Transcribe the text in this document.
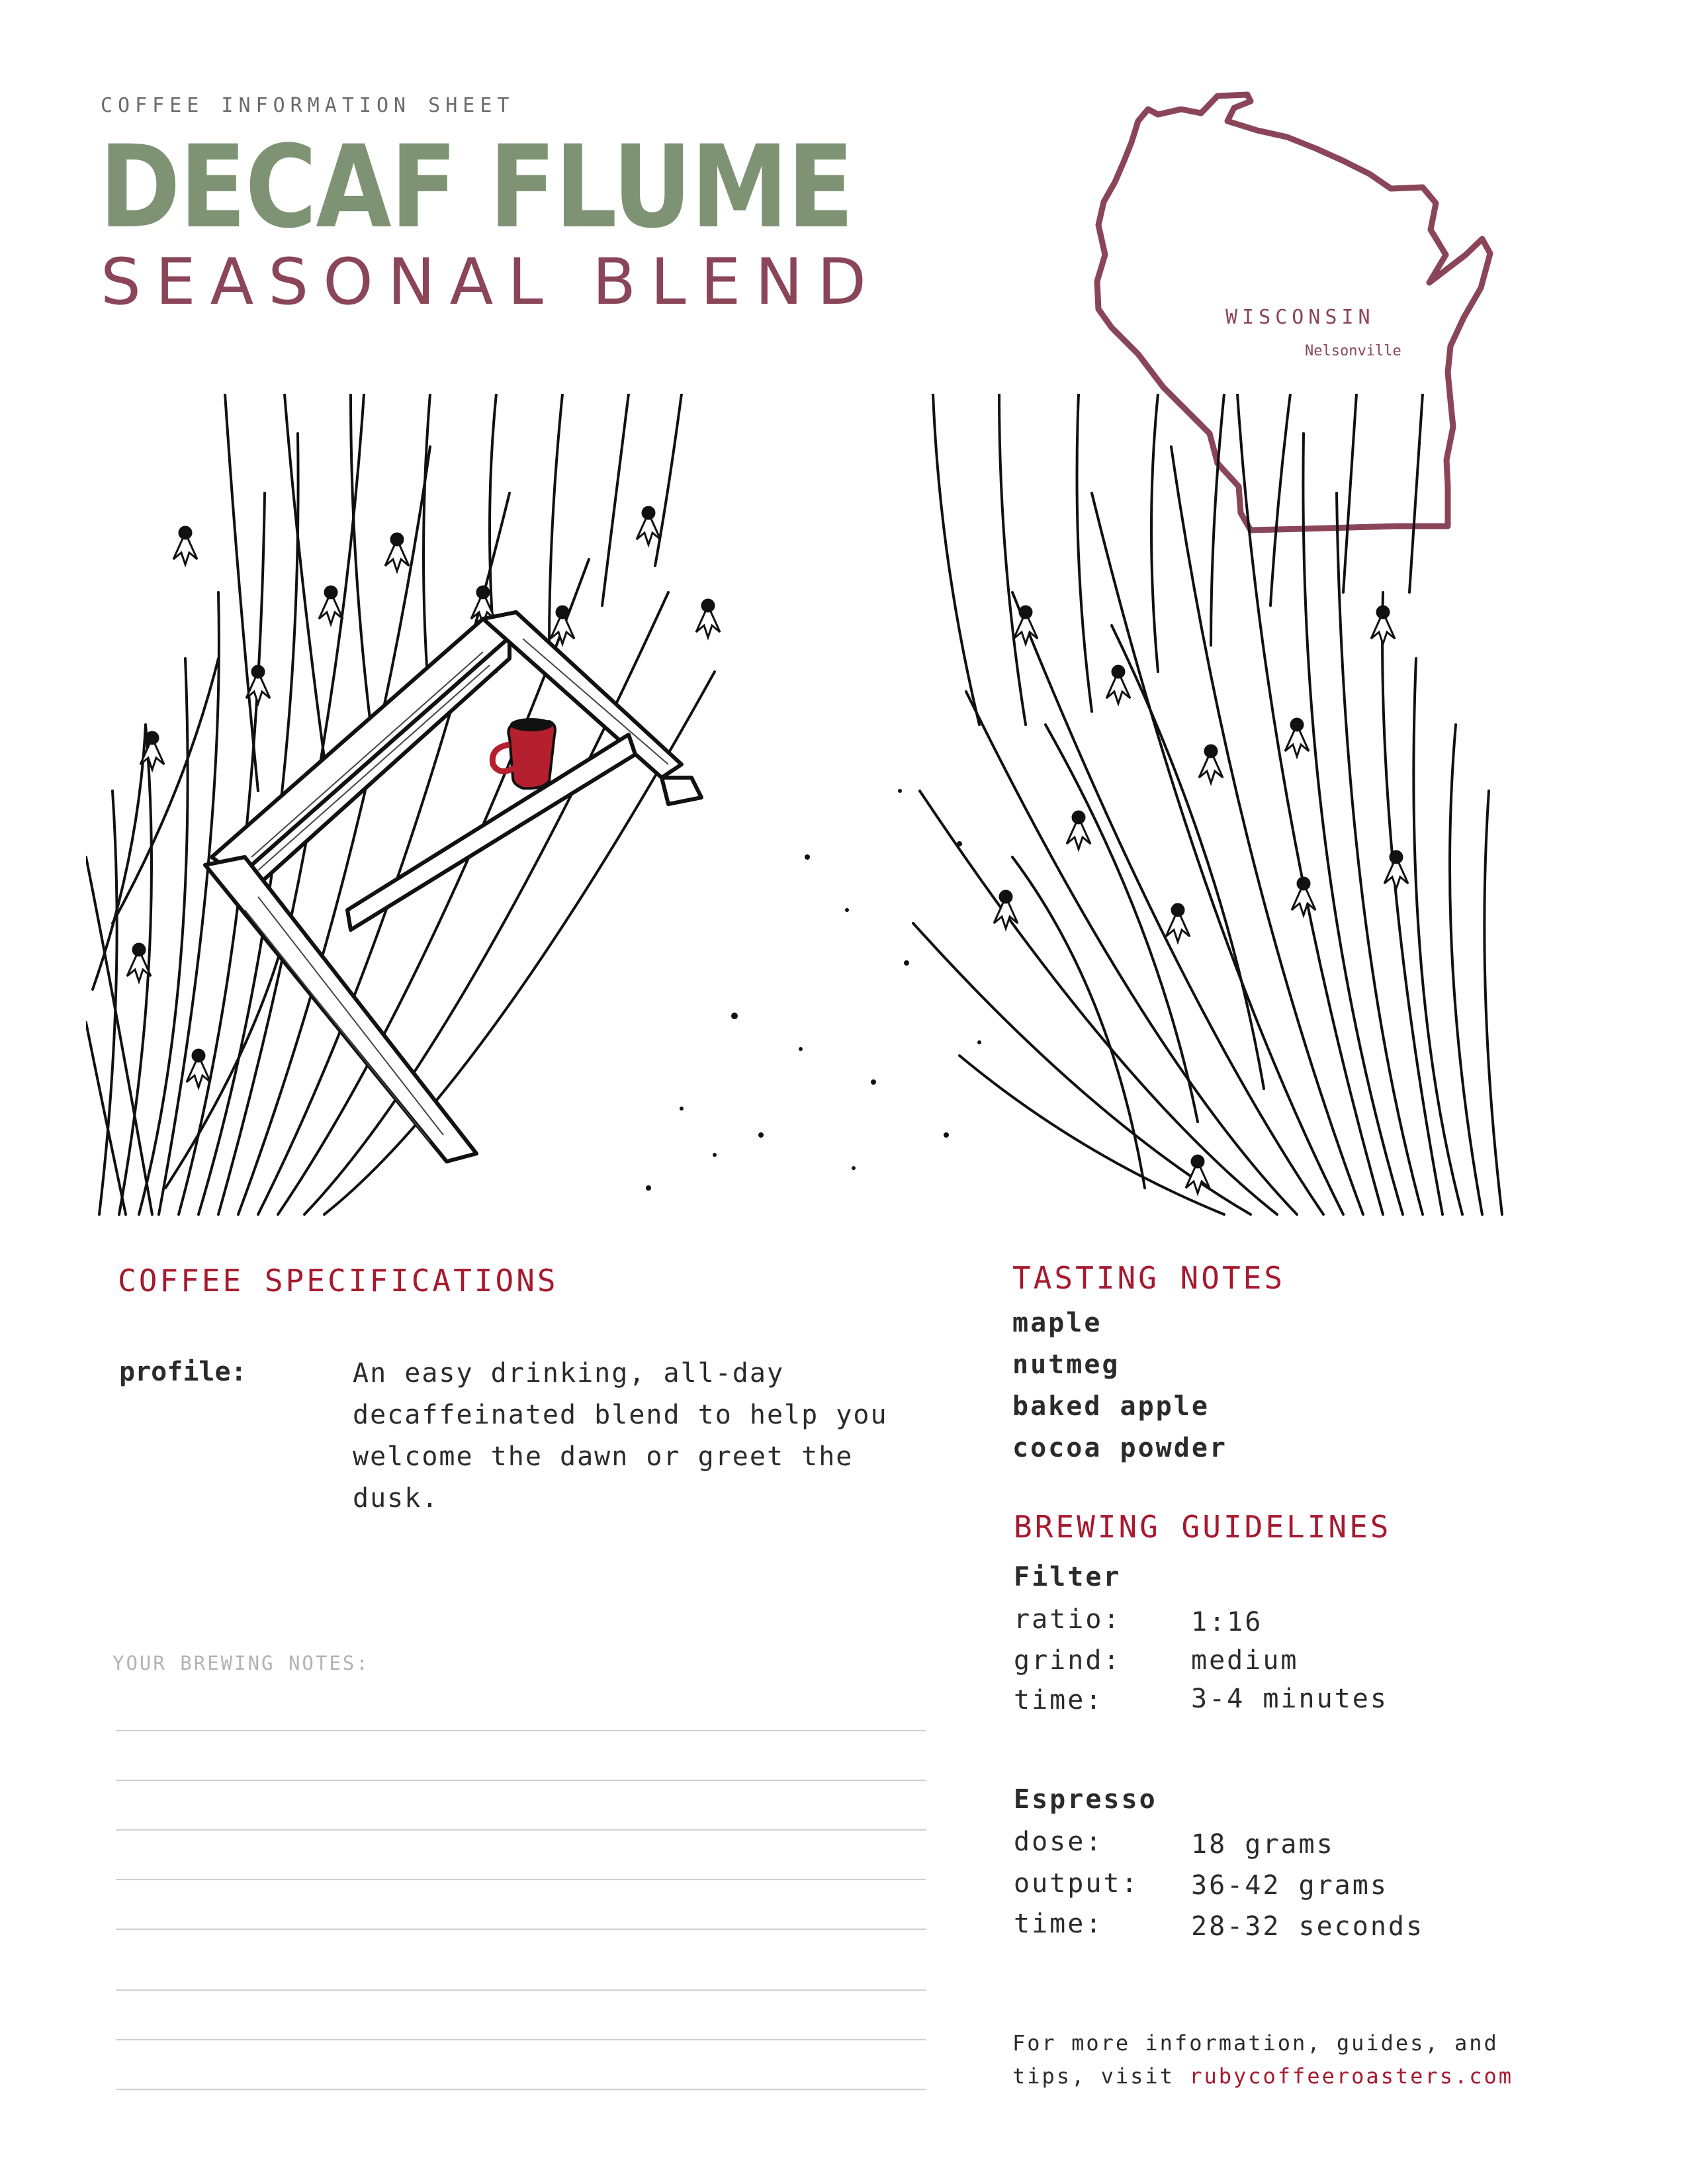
COFFEE INFORMATION SHEET
DECAF FLUME
SEASONAL BLEND	WISCONSIN
Nelsonville
COFFEE SPECIFICATIONS
profile:	An easy drinking, all-day
decaffeinated blend to help you
welcome the dawn or greet the
dusk.
YOUR BREWING NOTES:
TASTING NOTES
maple
nutmeg
baked apple
cocoa powder
BREWING GUIDELINES
Filter
ratio:	1:16
grind:	medium
time:	3-4 minutes
Espresso
dose:	18 grams
output: 36-42 grams
time:	28-32 seconds
For more information, guides, and
tips, visit rubycoffeeroasters.com
